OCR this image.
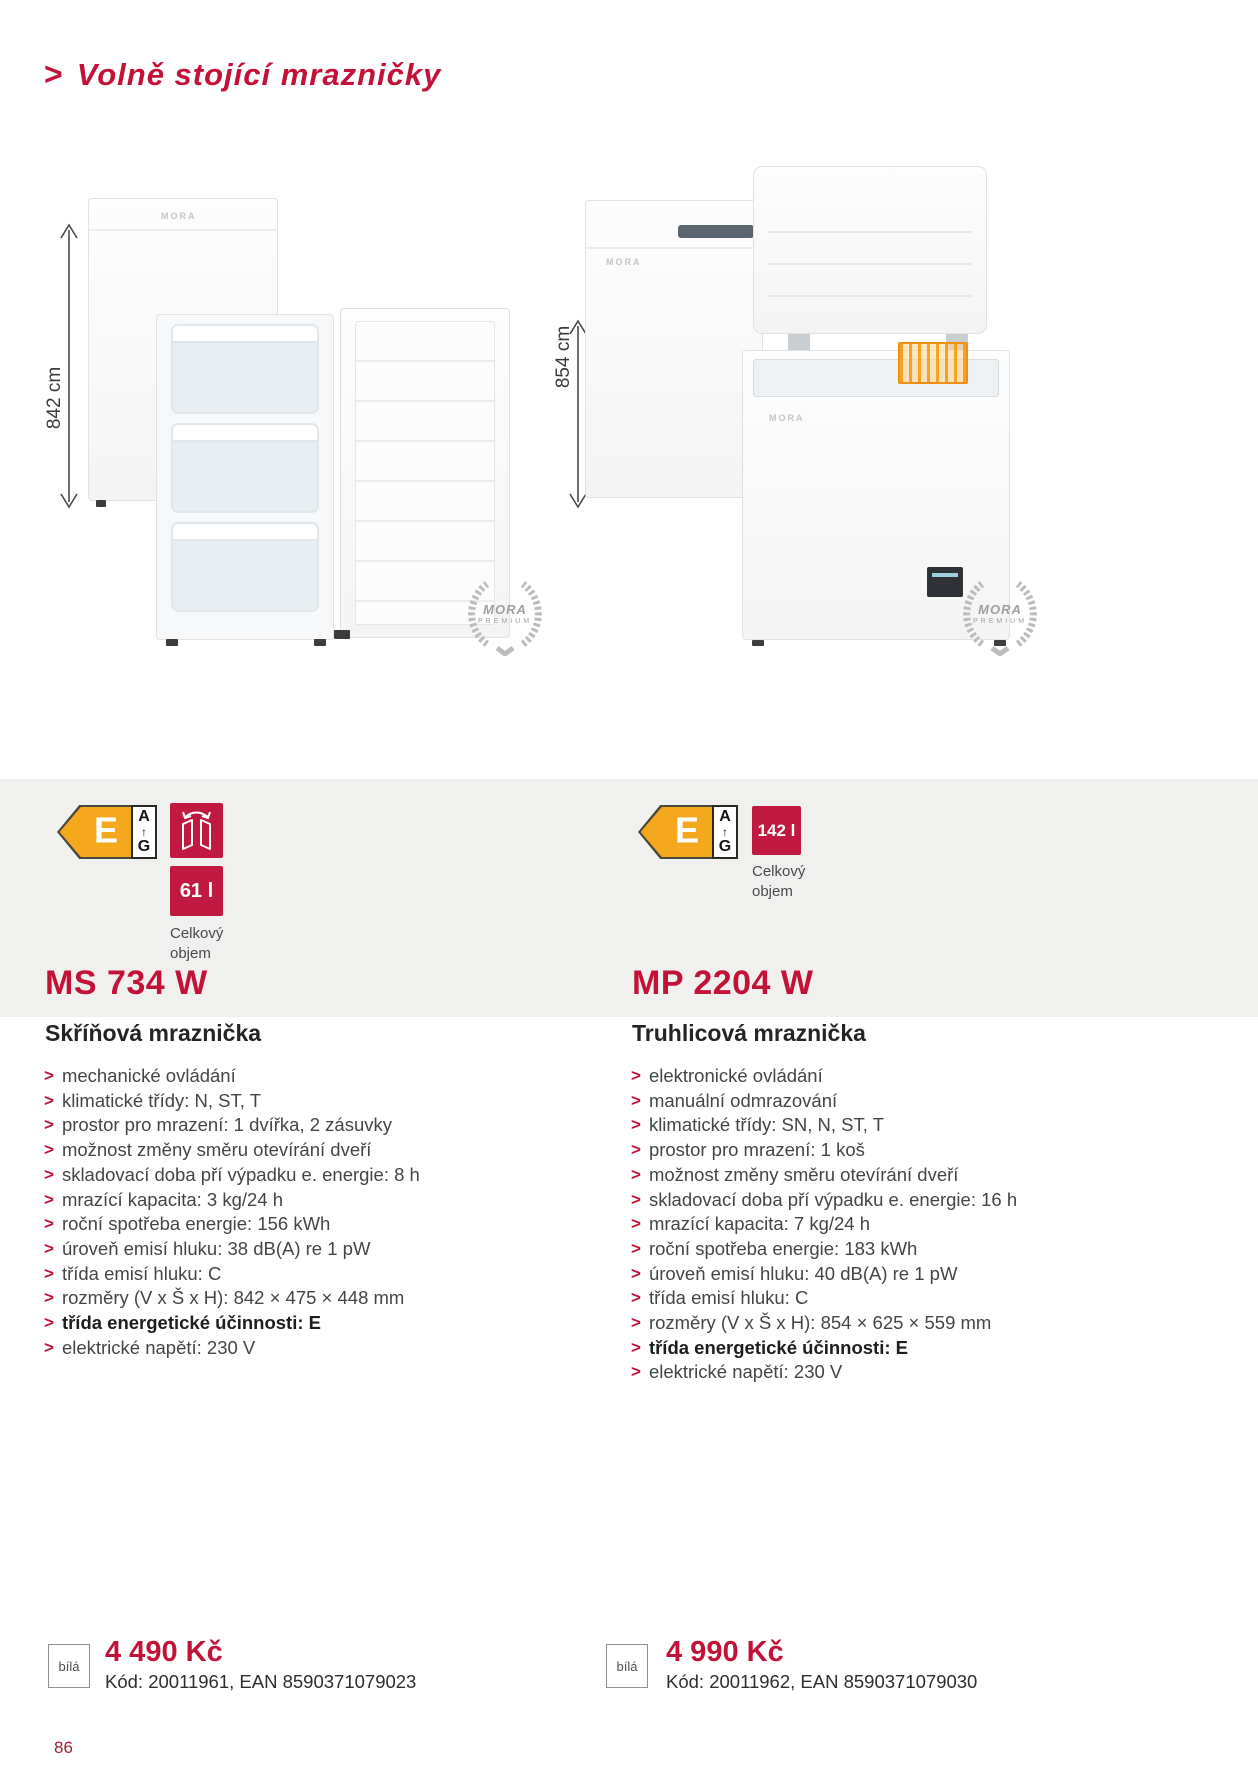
> Volně stojící mrazničky
842 cm
MORA
MORA
PREMIUM
854 cm
MORA
MORA
MORA
PREMIUM
E	A
↑
G
61 l
Celkový
objem
E	A
↑
G
142 l
Celkový
objem
MS 734 W	MP 2204 W
Skříňová mraznička	Truhlicová mraznička
> mechanické ovládání
> klimatické třídy: N, ST, T
> prostor pro mrazení: 1 dvířka, 2 zásuvky
> možnost změny směru otevírání dveří
> skladovací doba pří výpadku e. energie: 8 h
> mrazící kapacita: 3 kg/24 h
> roční spotřeba energie: 156 kWh
> úroveň emisí hluku: 38 dB(A) re 1 pW
> třída emisí hluku: C
> rozměry (V x Š x H): 842 × 475 × 448 mm
> třída energetické účinnosti: E
> elektrické napětí: 230 V
> elektronické ovládání
> manuální odmrazování
> klimatické třídy: SN, N, ST, T
> prostor pro mrazení: 1 koš
> možnost změny směru otevírání dveří
> skladovací doba pří výpadku e. energie: 16 h
> mrazící kapacita: 7 kg/24 h
> roční spotřeba energie: 183 kWh
> úroveň emisí hluku: 40 dB(A) re 1 pW
> třída emisí hluku: C
> rozměry (V x Š x H): 854 × 625 × 559 mm
> třída energetické účinnosti: E
> elektrické napětí: 230 V
bílá 4 490 Kč
Kód: 20011961, EAN 8590371079023
bílá 4 990 Kč
Kód: 20011962, EAN 8590371079030
86
